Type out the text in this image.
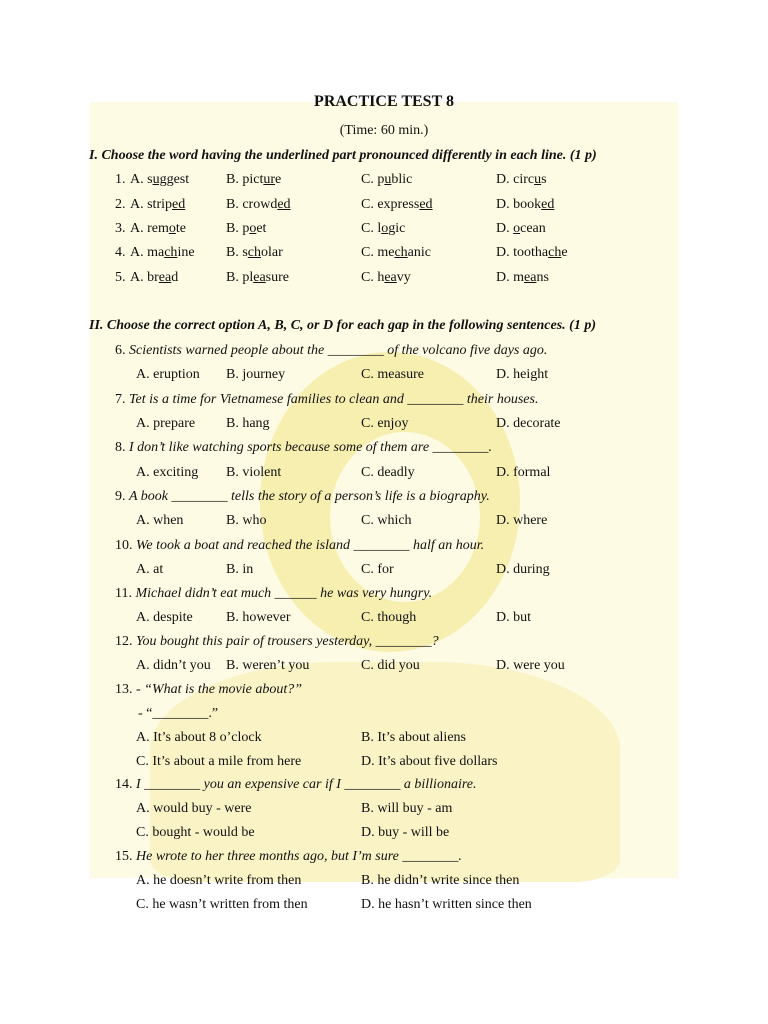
PRACTICE TEST 8
(Time: 60 min.)
I. Choose the word having the underlined part pronounced differently in each line. (1 p)
1. A. suggest	B. picture	C. public	D. circus
2. A. striped	B. crowded	C. expressed	D. booked
3. A. remote	B. poet	C. logic	D. ocean
4. A. machine B. scholar	C. mechanic	D. toothache
5. A. bread	B. pleasure	C. heavy	D. means
II. Choose the correct option A, B, C, or D for each gap in the following sentences. (1 p)
6. Scientists warned people about the ________ of the volcano five days ago.
A. eruption B. journey	C. measure	D. height
7. Tet is a time for Vietnamese families to clean and ________ their houses.
A. prepare B. hang	C. enjoy	D. decorate
8. I don’t like watching sports because some of them are ________.
A. exciting B. violent	C. deadly	D. formal
9. A book ________ tells the story of a person’s life is a biography.
A. when	B. who	C. which	D. where
10. We took a boat and reached the island ________ half an hour.
A. at	B. in	C. for	D. during
11. Michael didn’t eat much ______ he was very hungry.
A. despite B. however	C. though	D. but
12. You bought this pair of trousers yesterday, ________?
A. didn’t you B. weren’t you	C. did you	D. were you
13. - “What is the movie about?”
- “________.”
A. It’s about 8 o’clock	B. It’s about aliens
C. It’s about a mile from here	D. It’s about five dollars
14. I ________ you an expensive car if I ________ a billionaire.
A. would buy - were	B. will buy - am
C. bought - would be	D. buy - will be
15. He wrote to her three months ago, but I’m sure ________.
A. he doesn’t write from then	B. he didn’t write since then
C. he wasn’t written from then	D. he hasn’t written since then
